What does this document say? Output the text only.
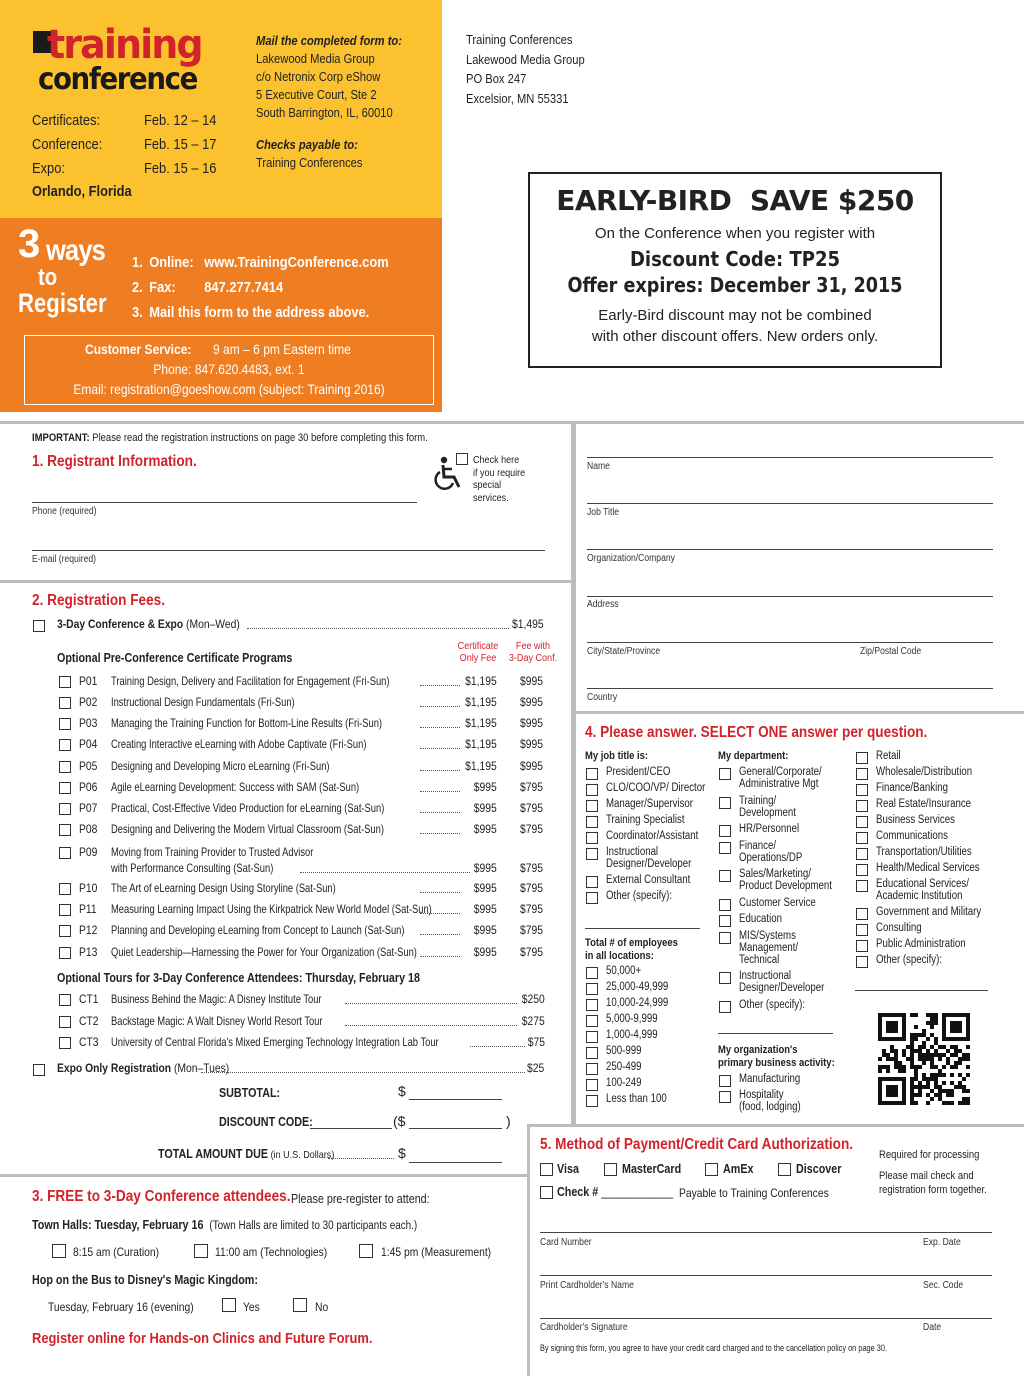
training
conference
Certificates:	Feb. 12 – 14
Conference:	Feb. 15 – 17
Expo:	Feb. 15 – 16
Orlando, Florida
Mail the completed form to:
Lakewood Media Group
c/o Netronix Corp eShow
5 Executive Court, Ste 2
South Barrington, IL, 60010
Checks payable to:
Training Conferences
Training Conferences
Lakewood Media Group
PO Box 247
Excelsior, MN 55331
3 ways
to
Register
1. Online: www.TrainingConference.com
2. Fax:	847.277.7414
3. Mail this form to the address above.
Customer Service: 9 am – 6 pm Eastern time
Phone: 847.620.4483, ext. 1
Email: registration@goeshow.com (subject: Training 2016)
EARLY-BIRD  SAVE $250
On the Conference when you register with
Discount Code: TP25
Offer expires: December 31, 2015
Early-Bird discount may not be combined
with other discount offers. New orders only.
IMPORTANT: Please read the registration instructions on page 30 before completing this form.
1. Registrant Information.	Check here
if you require
special
services.
Phone (required)
E-mail (required)
Name
Job Title
Organization/Company
Address
City/State/Province	Zip/Postal Code
Country
2. Registration Fees.
3-Day Conference & Expo (Mon–Wed)	$1,495
Optional Pre-Conference Certificate Programs
Certificate
Only Fee
Fee with
3-Day Conf.
P01 Training Design, Delivery and Facilitation for Engagement (Fri-Sun)	$1,195 $995
P02 Instructional Design Fundamentals (Fri-Sun)	$1,195 $995
P03 Managing the Training Function for Bottom-Line Results (Fri-Sun)	$1,195 $995
P04 Creating Interactive eLearning with Adobe Captivate (Fri-Sun)	$1,195 $995
P05 Designing and Developing Micro eLearning (Fri-Sun)	$1,195 $995
P06 Agile eLearning Development: Success with SAM (Sat-Sun)	$995 $795
P07 Practical, Cost-Effective Video Production for eLearning (Sat-Sun)	$995 $795
P08 Designing and Delivering the Modern Virtual Classroom (Sat-Sun)	$995 $795
P09 Moving from Training Provider to Trusted Advisor
with Performance Consulting (Sat-Sun)	$995 $795
P10 The Art of eLearning Design Using Storyline (Sat-Sun)	$995 $795
P11 Measuring Learning Impact Using the Kirkpatrick New World Model (Sat-Sun)	$995 $795
P12 Planning and Developing eLearning from Concept to Launch (Sat-Sun)	$995 $795
P13 Quiet Leadership—Harnessing the Power for Your Organization (Sat-Sun)	$995 $795
Optional Tours for 3-Day Conference Attendees: Thursday, February 18
CT1 Business Behind the Magic: A Disney Institute Tour	$250
CT2 Backstage Magic: A Walt Disney World Resort Tour	$275
CT3 University of Central Florida's Mixed Emerging Technology Integration Lab Tour	$75
Expo Only Registration (Mon–Tues)	$25
SUBTOTAL:	$
DISCOUNT CODE:	($	)
TOTAL AMOUNT DUE (in U.S. Dollars)	$
3. FREE to 3-Day Conference attendees. Please pre-register to attend:
Town Halls: Tuesday, February 16 (Town Halls are limited to 30 participants each.)
8:15 am (Curation)	11:00 am (Technologies)	1:45 pm (Measurement)
Hop on the Bus to Disney's Magic Kingdom:
Tuesday, February 16 (evening)	Yes	No
Register online for Hands-on Clinics and Future Forum.
4. Please answer. SELECT ONE answer per question.
My job title is:
President/CEO
CLO/COO/VP/ Director
Manager/Supervisor
Training Specialist
Coordinator/Assistant
Instructional
Designer/Developer
External Consultant
Other (specify):
Total # of employees
in all locations:
50,000+
25,000-49,999
10,000-24,999
5,000-9,999
1,000-4,999
500-999
250-499
100-249
Less than 100
My department:
General/Corporate/
Administrative Mgt
Training/
Development
HR/Personnel
Finance/
Operations/DP
Sales/Marketing/
Product Development
Customer Service
Education
MIS/Systems
Management/
Technical
Instructional
Designer/Developer
Other (specify):
My organization's
primary business activity:
Manufacturing
Hospitality
(food, lodging)
Retail
Wholesale/Distribution
Finance/Banking
Real Estate/Insurance
Business Services
Communications
Transportation/Utilities
Health/Medical Services
Educational Services/
Academic Institution
Government and Military
Consulting
Public Administration
Other (specify):
5. Method of Payment/Credit Card Authorization.
Required for processing
Please mail check and
registration form together.
Visa	MasterCard	AmEx	Discover
Check # ____________ Payable to Training Conferences
Card Number	Exp. Date
Print Cardholder's Name	Sec. Code
Cardholder's Signature	Date
By signing this form, you agree to have your credit card charged and to the cancellation policy on page 30.
